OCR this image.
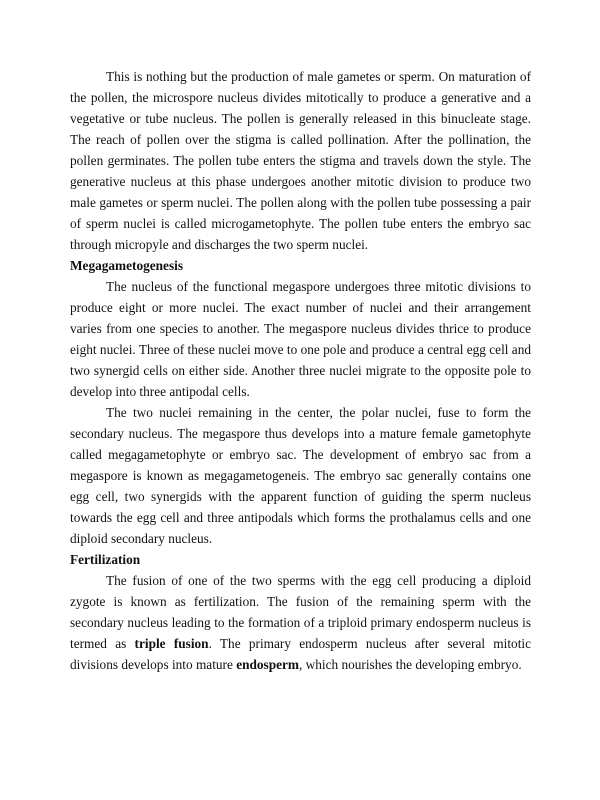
This is nothing but the production of male gametes or sperm. On maturation of the pollen, the microspore nucleus divides mitotically to produce a generative and a vegetative or tube nucleus. The pollen is generally released in this binucleate stage. The reach of pollen over the stigma is called pollination. After the pollination, the pollen germinates. The pollen tube enters the stigma and travels down the style. The generative nucleus at this phase undergoes another mitotic division to produce two male gametes or sperm nuclei. The pollen along with the pollen tube possessing a pair of sperm nuclei is called microgametophyte. The pollen tube enters the embryo sac through micropyle and discharges the two sperm nuclei.

Megagametogenesis

The nucleus of the functional megaspore undergoes three mitotic divisions to produce eight or more nuclei. The exact number of nuclei and their arrangement varies from one species to another. The megaspore nucleus divides thrice to produce eight nuclei. Three of these nuclei move to one pole and produce a central egg cell and two synergid cells on either side. Another three nuclei migrate to the opposite pole to develop into three antipodal cells.

The two nuclei remaining in the center, the polar nuclei, fuse to form the secondary nucleus. The megaspore thus develops into a mature female gametophyte called megagametophyte or embryo sac. The development of embryo sac from a megaspore is known as megagametogeneis. The embryo sac generally contains one egg cell, two synergids with the apparent function of guiding the sperm nucleus towards the egg cell and three antipodals which forms the prothalamus cells and one diploid secondary nucleus.

Fertilization

The fusion of one of the two sperms with the egg cell producing a diploid zygote is known as fertilization. The fusion of the remaining sperm with the secondary nucleus leading to the formation of a triploid primary endosperm nucleus is termed as triple fusion. The primary endosperm nucleus after several mitotic divisions develops into mature endosperm, which nourishes the developing embryo.
